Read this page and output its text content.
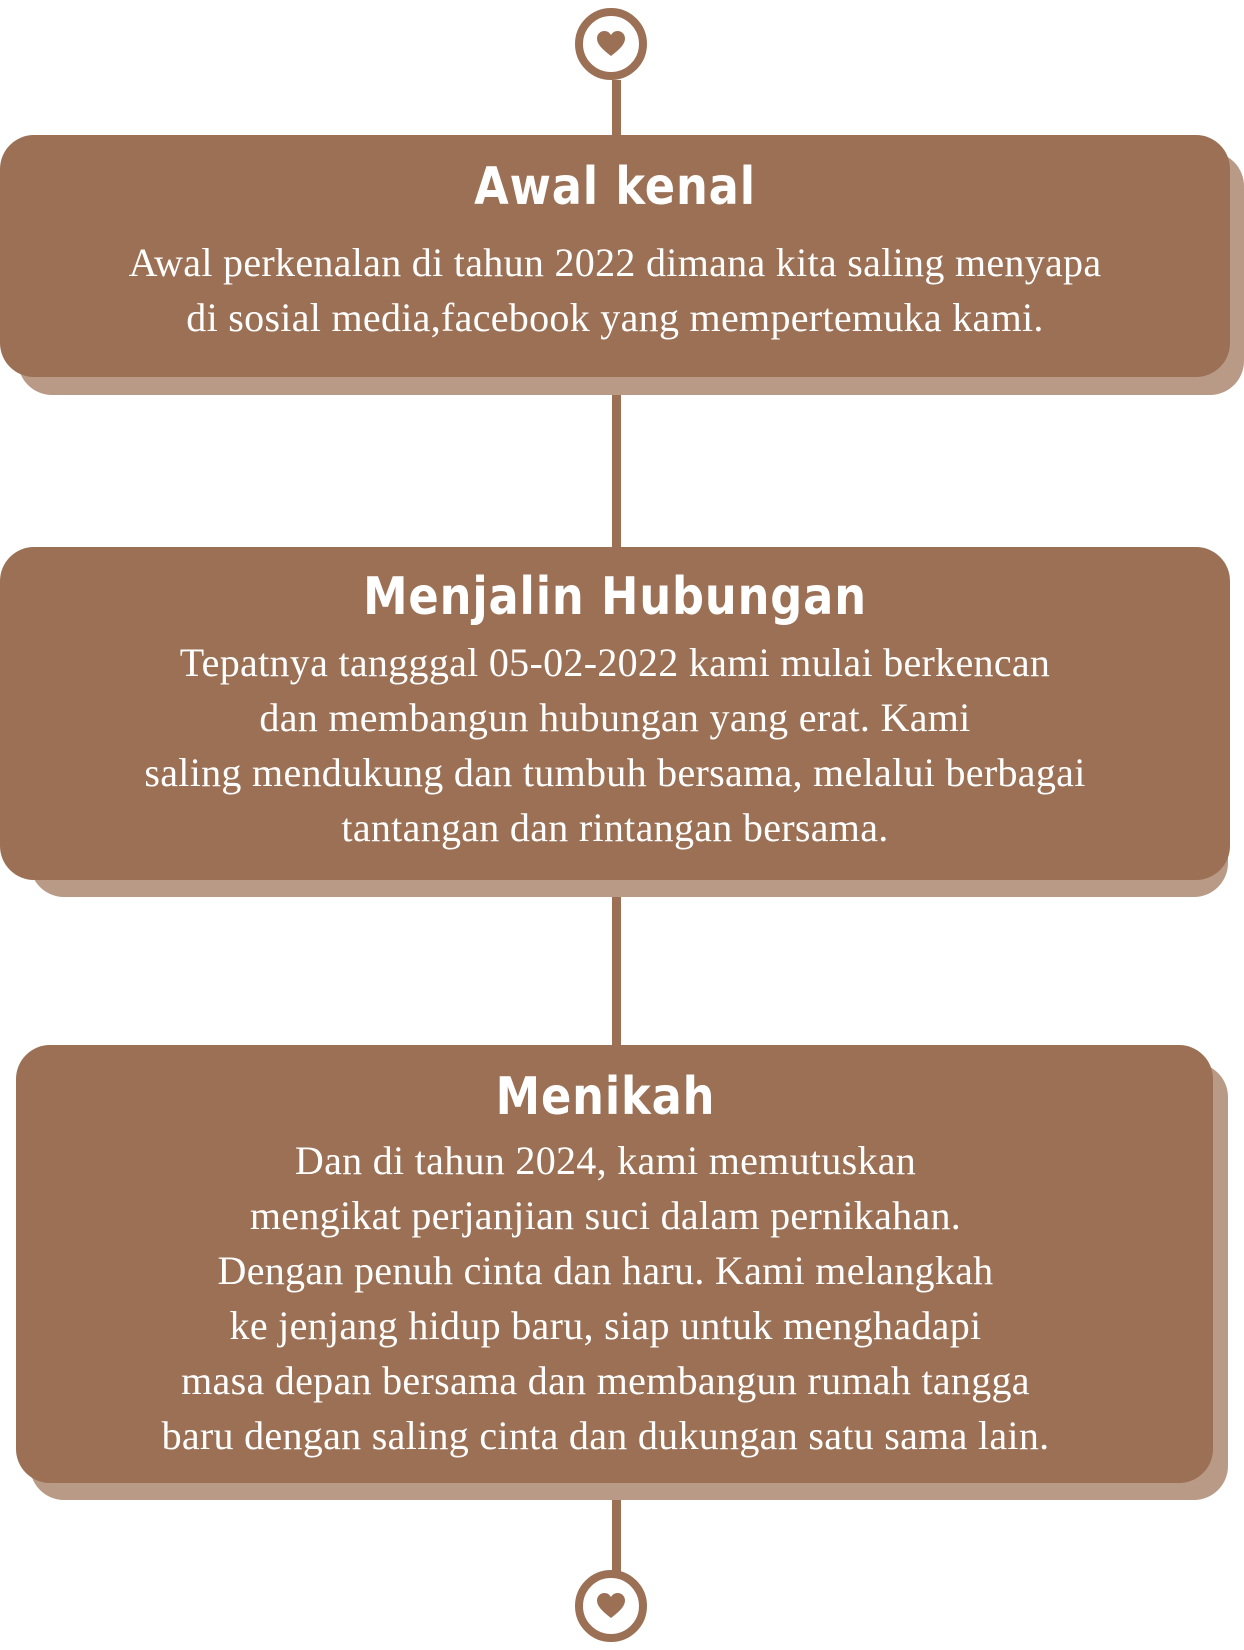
Awal kenal

Awal perkenalan di tahun 2022 dimana kita saling menyapa
di sosial media,facebook yang mempertemuka kami.

Menjalin Hubungan

Tepatnya tangggal 05-02-2022 kami mulai berkencan
dan membangun hubungan yang erat. Kami
saling mendukung dan tumbuh bersama, melalui berbagai
tantangan dan rintangan bersama.

Menikah

Dan di tahun 2024, kami memutuskan
mengikat perjanjian suci dalam pernikahan.
Dengan penuh cinta dan haru. Kami melangkah
ke jenjang hidup baru, siap untuk menghadapi
masa depan bersama dan membangun rumah tangga
baru dengan saling cinta dan dukungan satu sama lain.
